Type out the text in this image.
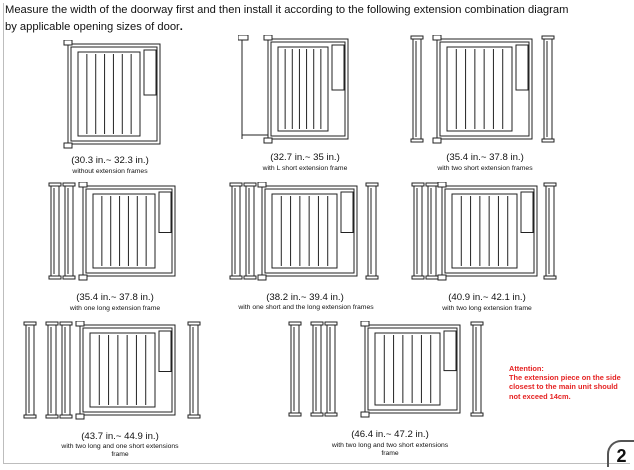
Measure the width of the doorway first and then install it according to the following extension combination diagram
by applicable opening sizes of door.
(30.3 in.~ 32.3 in.)
without extension frames
(32.7 in.~ 35 in.)
with L short extension frame
(35.4 in.~ 37.8 in.)
with two short extension frames
(35.4 in.~ 37.8 in.)
with one long extension frame
(38.2 in.~ 39.4 in.)
with one short and the long extension frames
(40.9 in.~ 42.1 in.)
with two long extension frame
(43.7 in.~ 44.9 in.)
with two long and one short extensions frame
(46.4 in.~ 47.2 in.)
with two long and two short extensions frame
Attention:
The extension piece on the side closest to the main unit should not exceed 14cm.
2
